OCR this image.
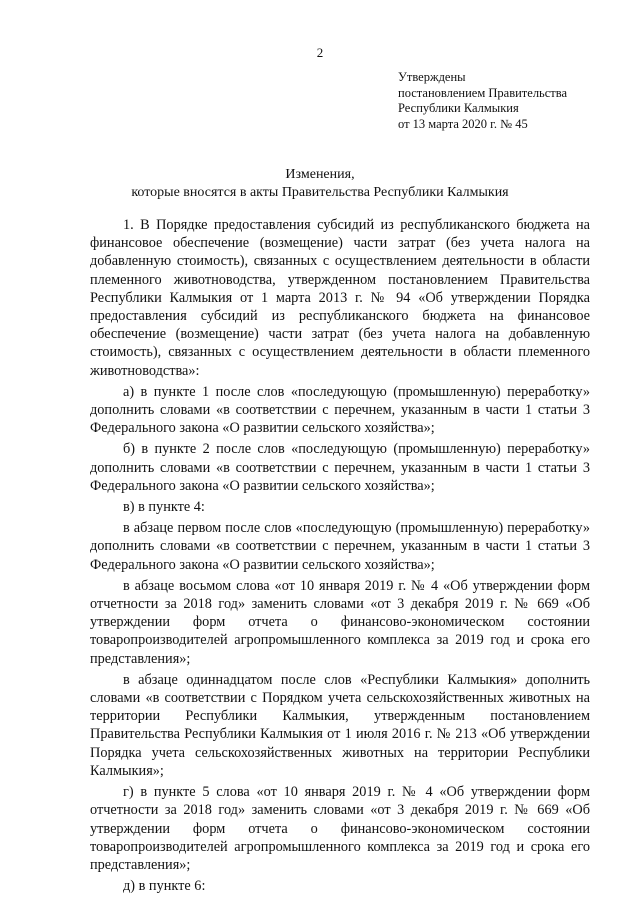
2
Утверждены
постановлением Правительства
Республики Калмыкия
от 13 марта 2020 г. № 45
Изменения,
которые вносятся в акты Правительства Республики Калмыкия

1. В Порядке предоставления субсидий из республиканского бюджета на финансовое обеспечение (возмещение) части затрат (без учета налога на добавленную стоимость), связанных с осуществлением деятельности в области племенного животноводства, утвержденном постановлением Правительства Республики Калмыкия от 1 марта 2013 г. № 94 «Об утверждении Порядка предоставления субсидий из республиканского бюджета на финансовое обеспечение (возмещение) части затрат (без учета налога на добавленную стоимость), связанных с осуществлением деятельности в области племенного животноводства»:

а) в пункте 1 после слов «последующую (промышленную) переработку» дополнить словами «в соответствии с перечнем, указанным в части 1 статьи 3 Федерального закона «О развитии сельского хозяйства»;

б) в пункте 2 после слов «последующую (промышленную) переработку» дополнить словами «в соответствии с перечнем, указанным в части 1 статьи 3 Федерального закона «О развитии сельского хозяйства»;

в) в пункте 4:

в абзаце первом после слов «последующую (промышленную) переработку» дополнить словами «в соответствии с перечнем, указанным в части 1 статьи 3 Федерального закона «О развитии сельского хозяйства»;

в абзаце восьмом слова «от 10 января 2019 г. № 4 «Об утверждении форм отчетности за 2018 год» заменить словами «от 3 декабря 2019 г. № 669 «Об утверждении форм отчета о финансово-экономическом состоянии товаропроизводителей агропромышленного комплекса за 2019 год и срока его представления»;

в абзаце одиннадцатом после слов «Республики Калмыкия» дополнить словами «в соответствии с Порядком учета сельскохозяйственных животных на территории Республики Калмыкия, утвержденным постановлением Правительства Республики Калмыкия от 1 июля 2016 г. № 213 «Об утверждении Порядка учета сельскохозяйственных животных на территории Республики Калмыкия»;

г) в пункте 5 слова «от 10 января 2019 г. № 4 «Об утверждении форм отчетности за 2018 год» заменить словами «от 3 декабря 2019 г. № 669 «Об утверждении форм отчета о финансово-экономическом состоянии товаропроизводителей агропромышленного комплекса за 2019 год и срока его представления»;

д) в пункте 6:
